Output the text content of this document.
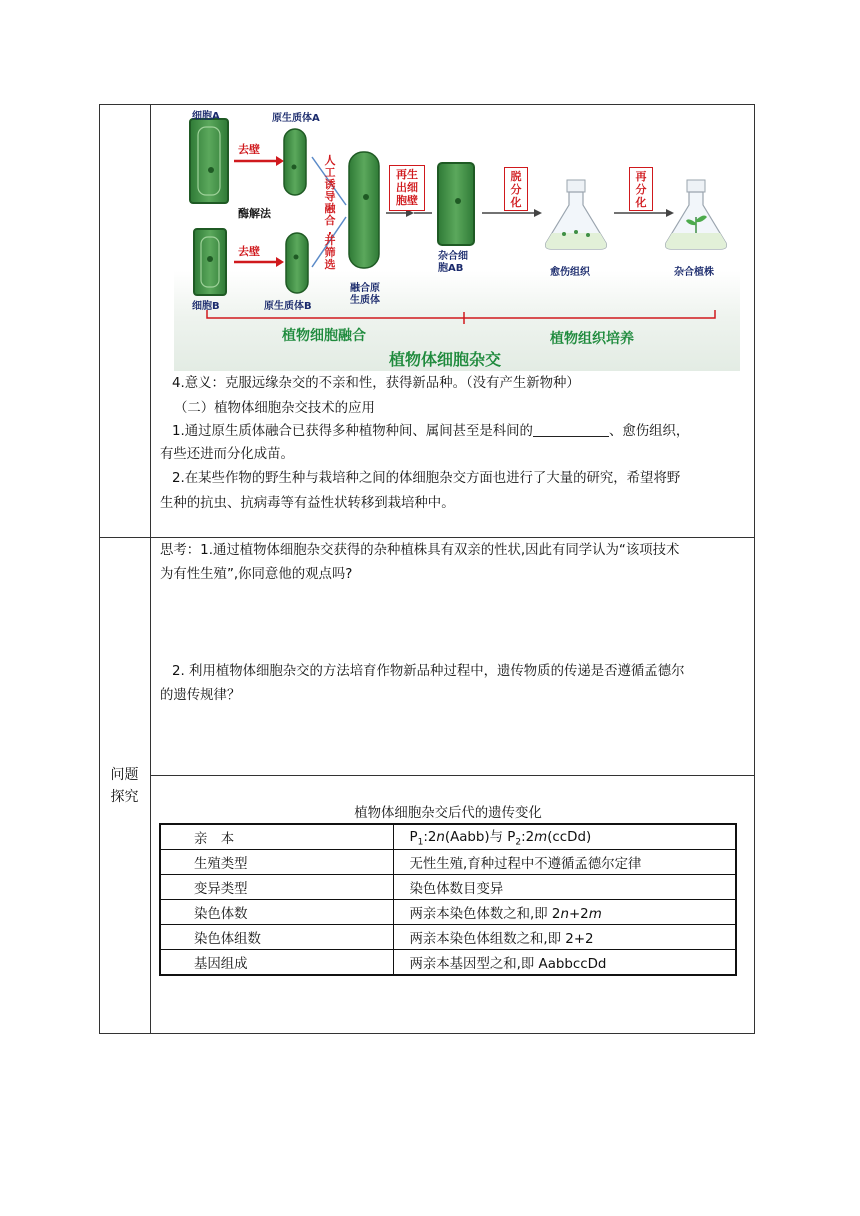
细胞A	原生质体A
去壁
酶解法
去壁
细胞B	原生质体B
人
工
诱
导
融
合
,
并
筛
选
融合原
生质体
再生
出细
胞壁
杂合细
胞AB
脱
分
化
愈伤组织
再
分
化
杂合植株
植物细胞融合	植物组织培养
植物体细胞杂交
4.意义：克服远缘杂交的不亲和性，获得新品种。（没有产生新物种）
（二）植物体细胞杂交技术的应用
1.通过原生质体融合已获得多种植物种间、属间甚至是科间的	、愈伤组织，
有些还进而分化成苗。
2.在某些作物的野生种与栽培种之间的体细胞杂交方面也进行了大量的研究，希望将野
生种的抗虫、抗病毒等有益性状转移到栽培种中。
问题
探究
思考：1.通过植物体细胞杂交获得的杂种植株具有双亲的性状,因此有同学认为“该项技术
为有性生殖”,你同意他的观点吗?
2. 利用植物体细胞杂交的方法培育作物新品种过程中，遗传物质的传递是否遵循孟德尔
的遗传规律？
植物体细胞杂交后代的遗传变化
亲　本	$P_1:2n(Aabb)$与 $P_2:2m(ccDd)$
生殖类型	无性生殖,育种过程中不遵循孟德尔定律
变异类型	染色体数目变异
染色体数	两亲本染色体数之和,即 2n+2m
染色体组数	两亲本染色体组数之和,即 2+2
基因组成	两亲本基因型之和,即 AabbccDd
